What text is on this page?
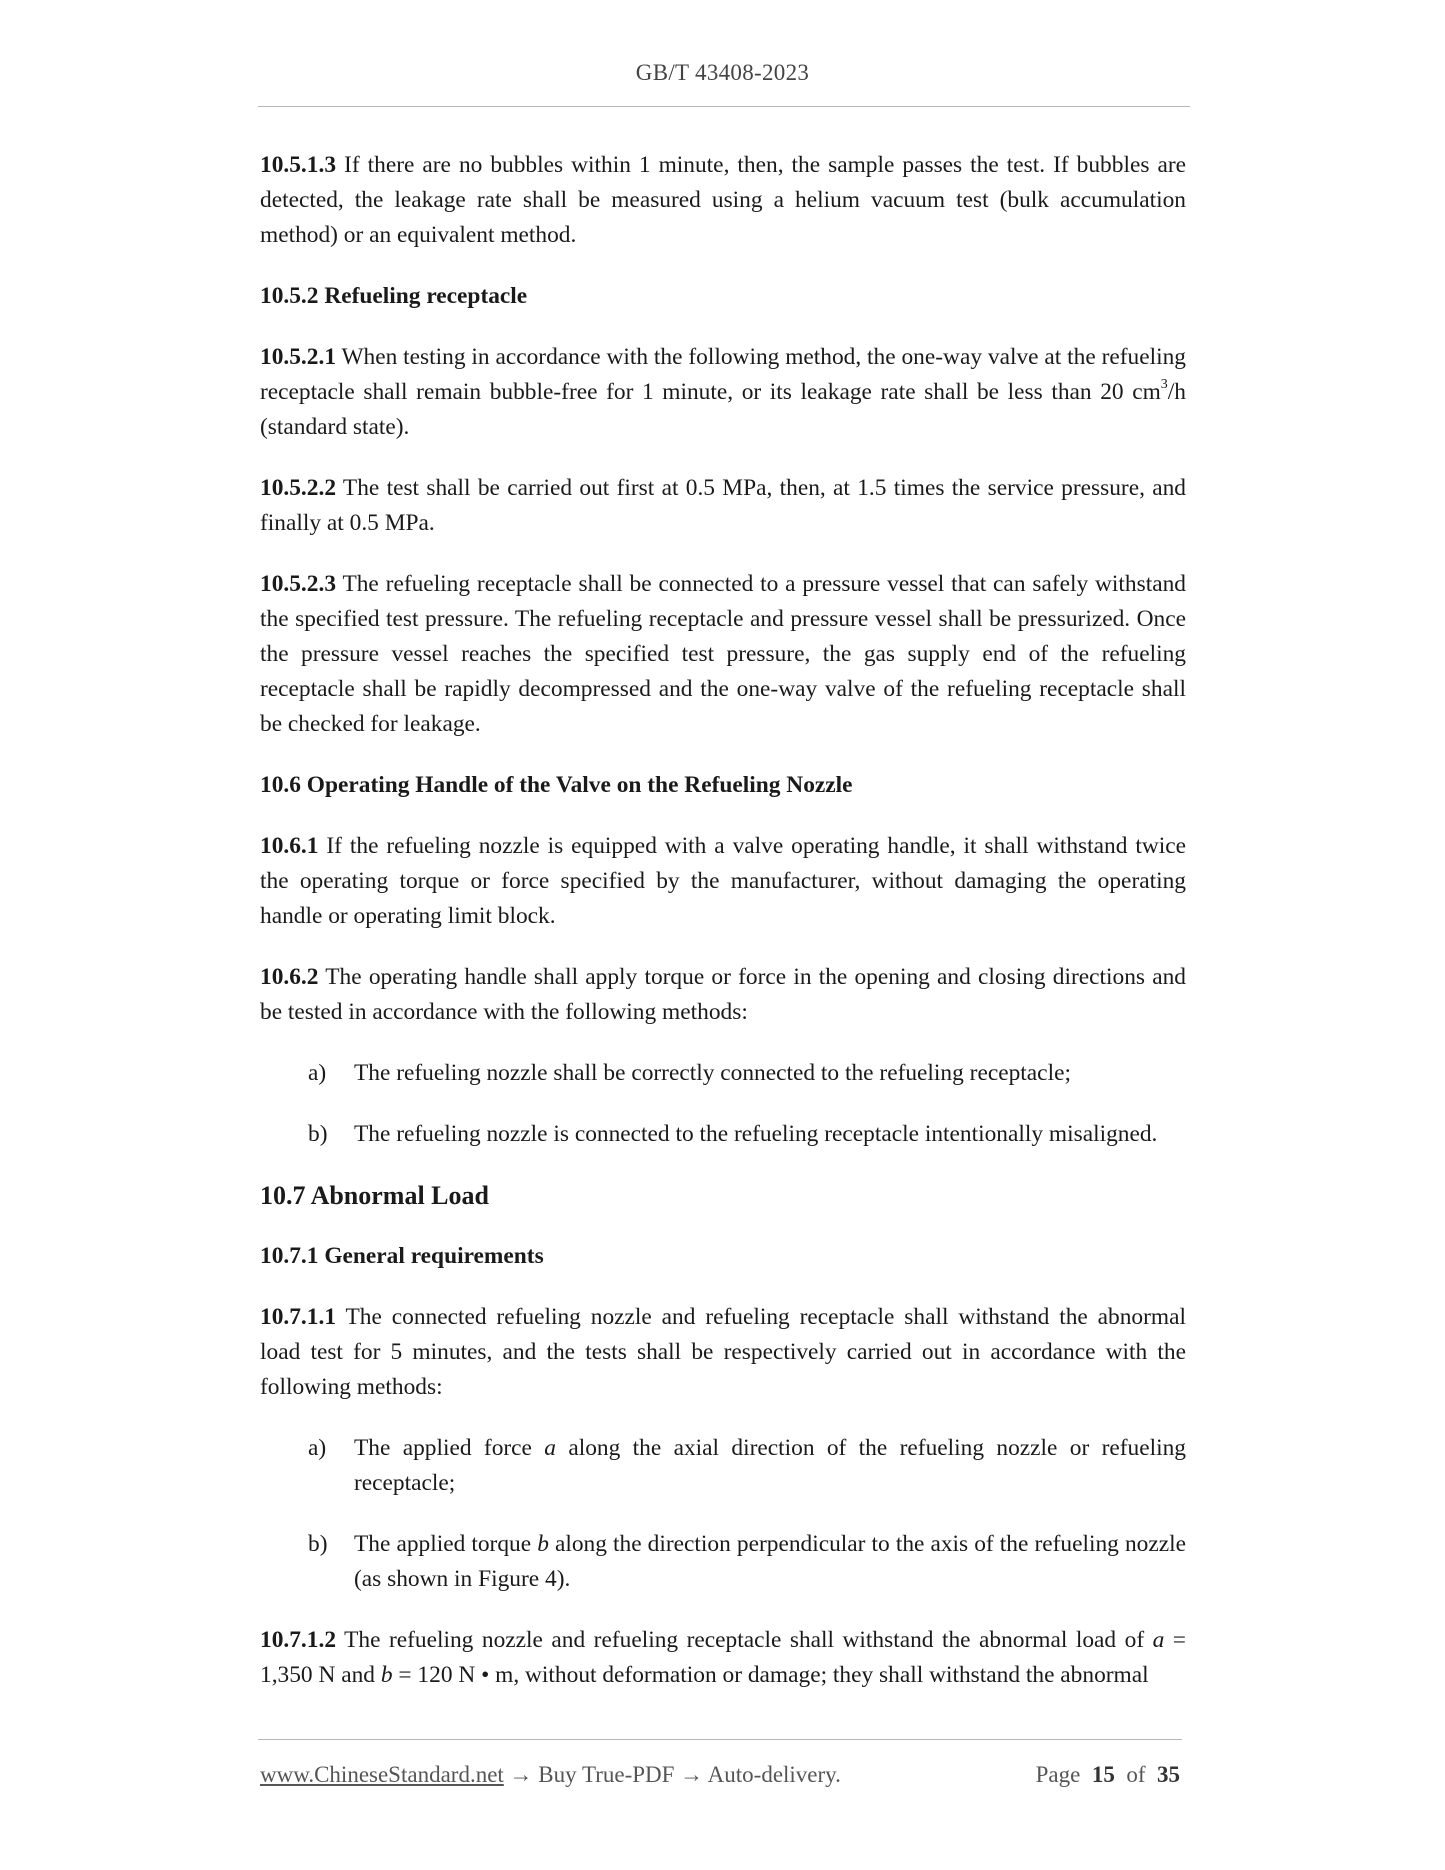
GB/T 43408-2023

10.5.1.3 If there are no bubbles within 1 minute, then, the sample passes the test. If bubbles are detected, the leakage rate shall be measured using a helium vacuum test (bulk accumulation method) or an equivalent method.

10.5.2 Refueling receptacle

10.5.2.1 When testing in accordance with the following method, the one-way valve at the refueling receptacle shall remain bubble-free for 1 minute, or its leakage rate shall be less than 20 $cm^3/h$ (standard state).

10.5.2.2 The test shall be carried out first at 0.5 MPa, then, at 1.5 times the service pressure, and finally at 0.5 MPa.

10.5.2.3 The refueling receptacle shall be connected to a pressure vessel that can safely withstand the specified test pressure. The refueling receptacle and pressure vessel shall be pressurized. Once the pressure vessel reaches the specified test pressure, the gas supply end of the refueling receptacle shall be rapidly decompressed and the one-way valve of the refueling receptacle shall be checked for leakage.

10.6 Operating Handle of the Valve on the Refueling Nozzle

10.6.1 If the refueling nozzle is equipped with a valve operating handle, it shall withstand twice the operating torque or force specified by the manufacturer, without damaging the operating handle or operating limit block.

10.6.2 The operating handle shall apply torque or force in the opening and closing directions and be tested in accordance with the following methods:

a) The refueling nozzle shall be correctly connected to the refueling receptacle;
b) The refueling nozzle is connected to the refueling receptacle intentionally misaligned.
10.7 Abnormal Load
10.7.1 General requirements

10.7.1.1 The connected refueling nozzle and refueling receptacle shall withstand the abnormal load test for 5 minutes, and the tests shall be respectively carried out in accordance with the following methods:

a) The applied force a along the axial direction of the refueling nozzle or refueling receptacle;
b) The applied torque b along the direction perpendicular to the axis of the refueling nozzle (as shown in Figure 4).

10.7.1.2 The refueling nozzle and refueling receptacle shall withstand the abnormal load of a = 1,350 N and b = 120 N • m, without deformation or damage; they shall withstand the abnormal

www.ChineseStandard.net → Buy True-PDF → Auto-delivery.	Page 15 of 35
